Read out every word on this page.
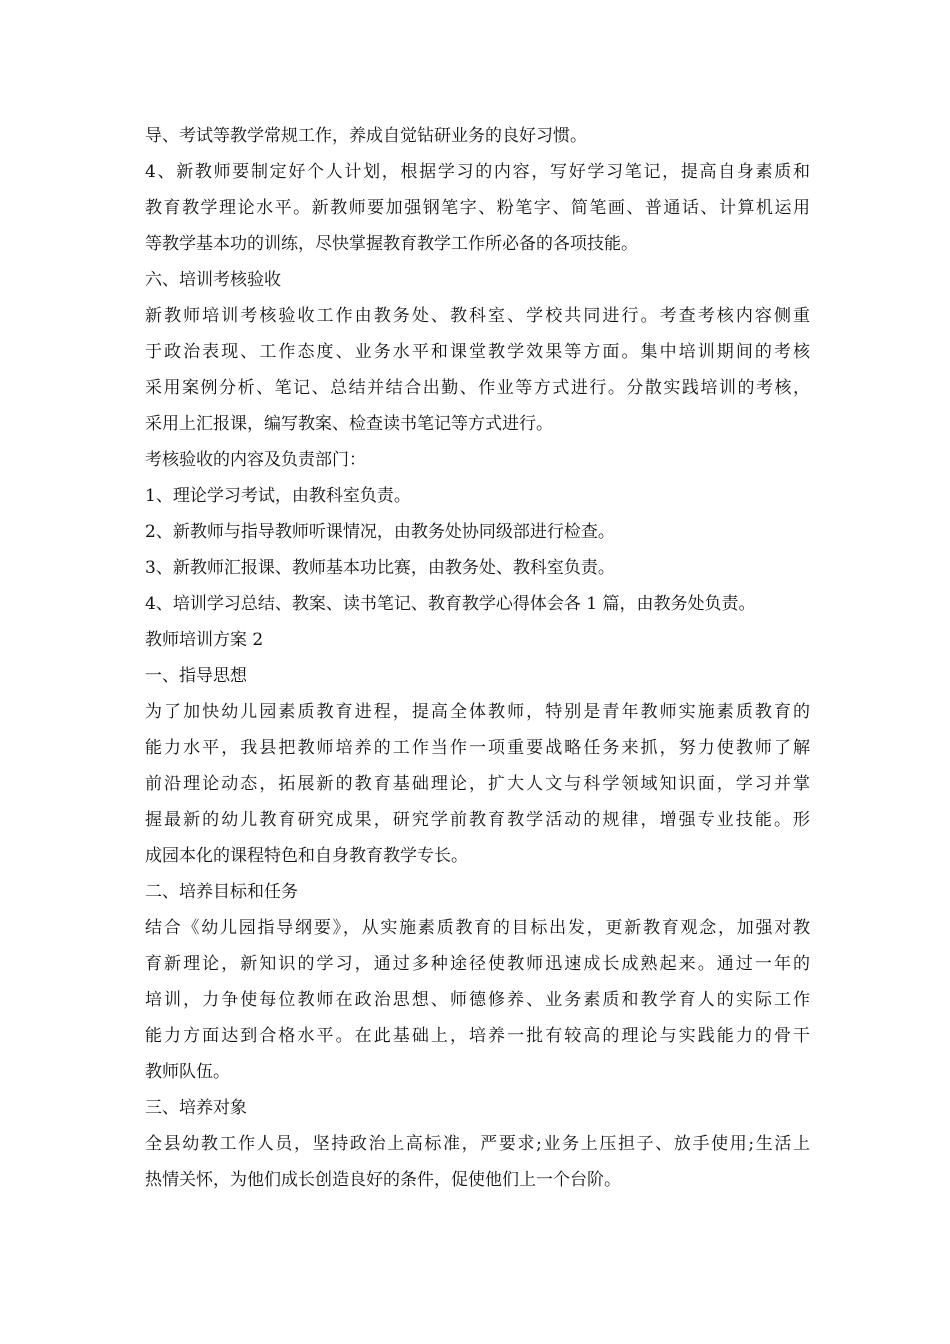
导、考试等教学常规工作，养成自觉钻研业务的良好习惯。
4、新教师要制定好个人计划，根据学习的内容，写好学习笔记，提高自身素质和
教育教学理论水平。新教师要加强钢笔字、粉笔字、简笔画、普通话、计算机运用
等教学基本功的训练，尽快掌握教育教学工作所必备的各项技能。
六、培训考核验收
新教师培训考核验收工作由教务处、教科室、学校共同进行。考查考核内容侧重
于政治表现、工作态度、业务水平和课堂教学效果等方面。集中培训期间的考核
采用案例分析、笔记、总结并结合出勤、作业等方式进行。分散实践培训的考核，
采用上汇报课，编写教案、检查读书笔记等方式进行。
考核验收的内容及负责部门：
1、理论学习考试，由教科室负责。
2、新教师与指导教师听课情况，由教务处协同级部进行检查。
3、新教师汇报课、教师基本功比赛，由教务处、教科室负责。
4、培训学习总结、教案、读书笔记、教育教学心得体会各 1 篇，由教务处负责。
教师培训方案 2
一、指导思想
为了加快幼儿园素质教育进程，提高全体教师，特别是青年教师实施素质教育的
能力水平，我县把教师培养的工作当作一项重要战略任务来抓，努力使教师了解
前沿理论动态，拓展新的教育基础理论，扩大人文与科学领域知识面，学习并掌
握最新的幼儿教育研究成果，研究学前教育教学活动的规律，增强专业技能。形
成园本化的课程特色和自身教育教学专长。
二、培养目标和任务
结合《幼儿园指导纲要》，从实施素质教育的目标出发，更新教育观念，加强对教
育新理论，新知识的学习，通过多种途径使教师迅速成长成熟起来。通过一年的
培训，力争使每位教师在政治思想、师德修养、业务素质和教学育人的实际工作
能力方面达到合格水平。在此基础上，培养一批有较高的理论与实践能力的骨干
教师队伍。
三、培养对象
全县幼教工作人员，坚持政治上高标准，严要求;业务上压担子、放手使用;生活上
热情关怀，为他们成长创造良好的条件，促使他们上一个台阶。
